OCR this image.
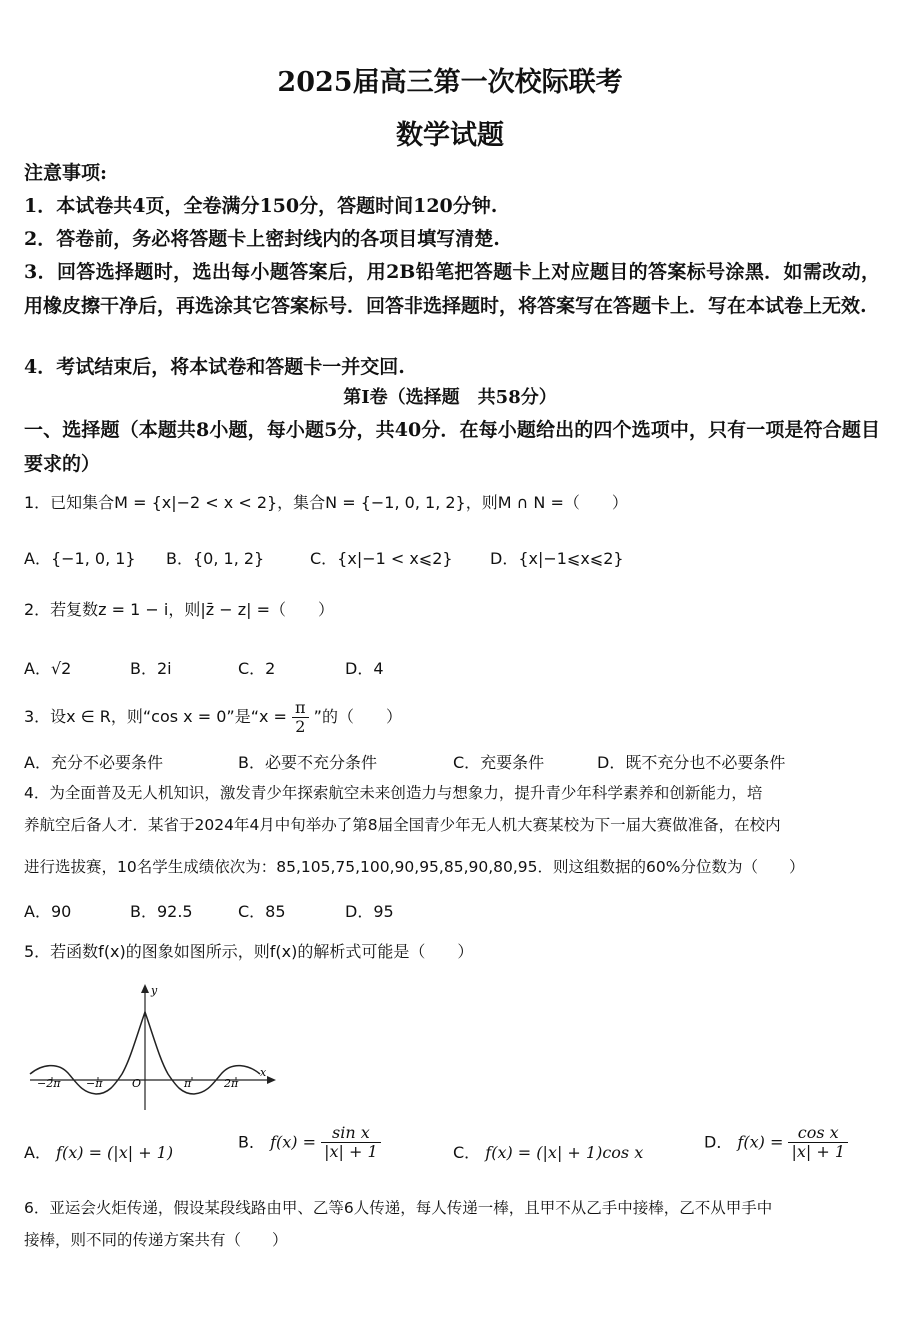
2025届高三第一次校际联考
数学试题
注意事项:
1．本试卷共4页，全卷满分150分，答题时间120分钟.
2．答卷前，务必将答题卡上密封线内的各项目填写清楚.
3．回答选择题时，选出每小题答案后，用2B铅笔把答题卡上对应题目的答案标号涂黑．如需改动，用橡皮擦干净后，再选涂其它答案标号．回答非选择题时，将答案写在答题卡上．写在本试卷上无效.
4．考试结束后，将本试卷和答题卡一并交回.
第Ⅰ卷（选择题　共58分）
一、选择题（本题共8小题，每小题5分，共40分．在每小题给出的四个选项中，只有一项是符合题目要求的）
1．已知集合M = {x|−2 < x < 2}，集合N = {−1, 0, 1, 2}，则M ∩ N =（　　）
A．{−1, 0, 1} B．{0, 1, 2}	C．{x|−1 < x⩽2} D．{x|−1⩽x⩽2}
2．若复数z = 1 − i，则|z̄ − z| =（　　）
A．√2	B．2i	C．2	D．4
3．设x ∈ R，则“cos x = 0”是“$x = \frac{\pi}{2}$ ”的（　　）
A．充分不必要条件	B．必要不充分条件	C．充要条件	D．既不充分也不必要条件
4．为全面普及无人机知识，激发青少年探索航空未来创造力与想象力，提升青少年科学素养和创新能力，培
养航空后备人才．某省于2024年4月中旬举办了第8届全国青少年无人机大赛某校为下一届大赛做准备，在校内
进行选拔赛，10名学生成绩依次为：85,105,75,100,90,95,85,90,80,95．则这组数据的60%分位数为（　　）
A．90	B．92.5	C．85	D．95
5．若函数f(x)的图象如图所示，则f(x)的解析式可能是（　　）
−2π −π	O	π	2π
x
y
A． f(x) = (|x| + 1)
B． $f(x) = \frac{\text{sin x}}{|x| + 1}$	C． f(x) = (|x| + 1)cos x
D． $f(x) = \frac{\text{cos x}}{|x| + 1}$
6．亚运会火炬传递，假设某段线路由甲、乙等6人传递，每人传递一棒，且甲不从乙手中接棒，乙不从甲手中
接棒，则不同的传递方案共有（　　）
